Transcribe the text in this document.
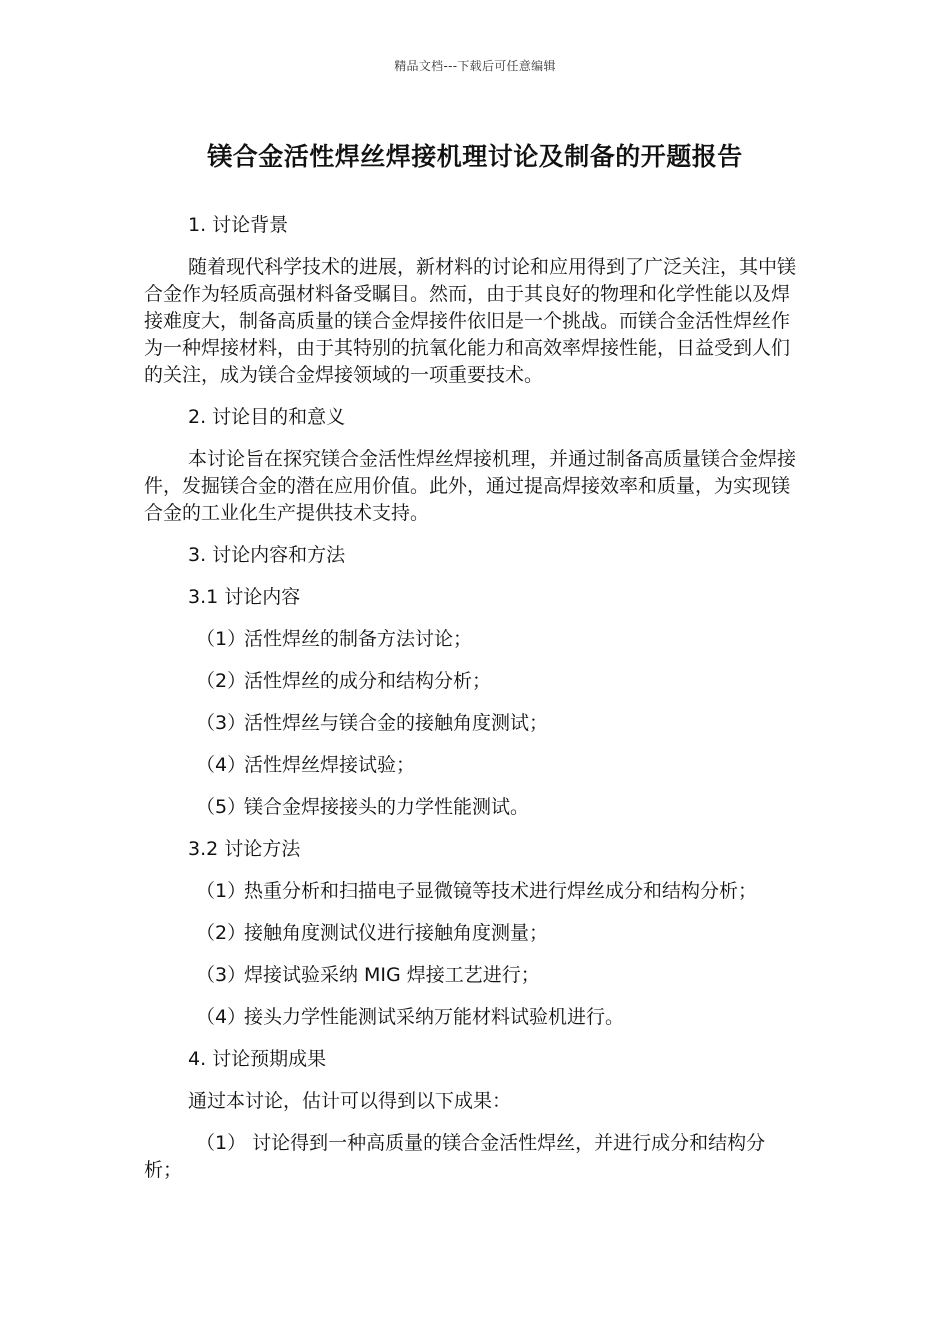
精品文档---下载后可任意编辑
镁合金活性焊丝焊接机理讨论及制备的开题报告
1. 讨论背景
随着现代科学技术的进展，新材料的讨论和应用得到了广泛关注，其中镁合金作为轻质高强材料备受瞩目。然而，由于其良好的物理和化学性能以及焊接难度大，制备高质量的镁合金焊接件依旧是一个挑战。而镁合金活性焊丝作为一种焊接材料，由于其特别的抗氧化能力和高效率焊接性能，日益受到人们的关注，成为镁合金焊接领域的一项重要技术。
2. 讨论目的和意义
本讨论旨在探究镁合金活性焊丝焊接机理，并通过制备高质量镁合金焊接件，发掘镁合金的潜在应用价值。此外，通过提高焊接效率和质量，为实现镁合金的工业化生产提供技术支持。
3. 讨论内容和方法
3.1 讨论内容
（1）活性焊丝的制备方法讨论；
（2）活性焊丝的成分和结构分析；
（3）活性焊丝与镁合金的接触角度测试；
（4）活性焊丝焊接试验；
（5）镁合金焊接接头的力学性能测试。
3.2 讨论方法
（1）热重分析和扫描电子显微镜等技术进行焊丝成分和结构分析；
（2）接触角度测试仪进行接触角度测量；
（3）焊接试验采纳 MIG 焊接工艺进行；
（4）接头力学性能测试采纳万能材料试验机进行。
4. 讨论预期成果
通过本讨论，估计可以得到以下成果：
（1） 讨论得到一种高质量的镁合金活性焊丝，并进行成分和结构分析；
